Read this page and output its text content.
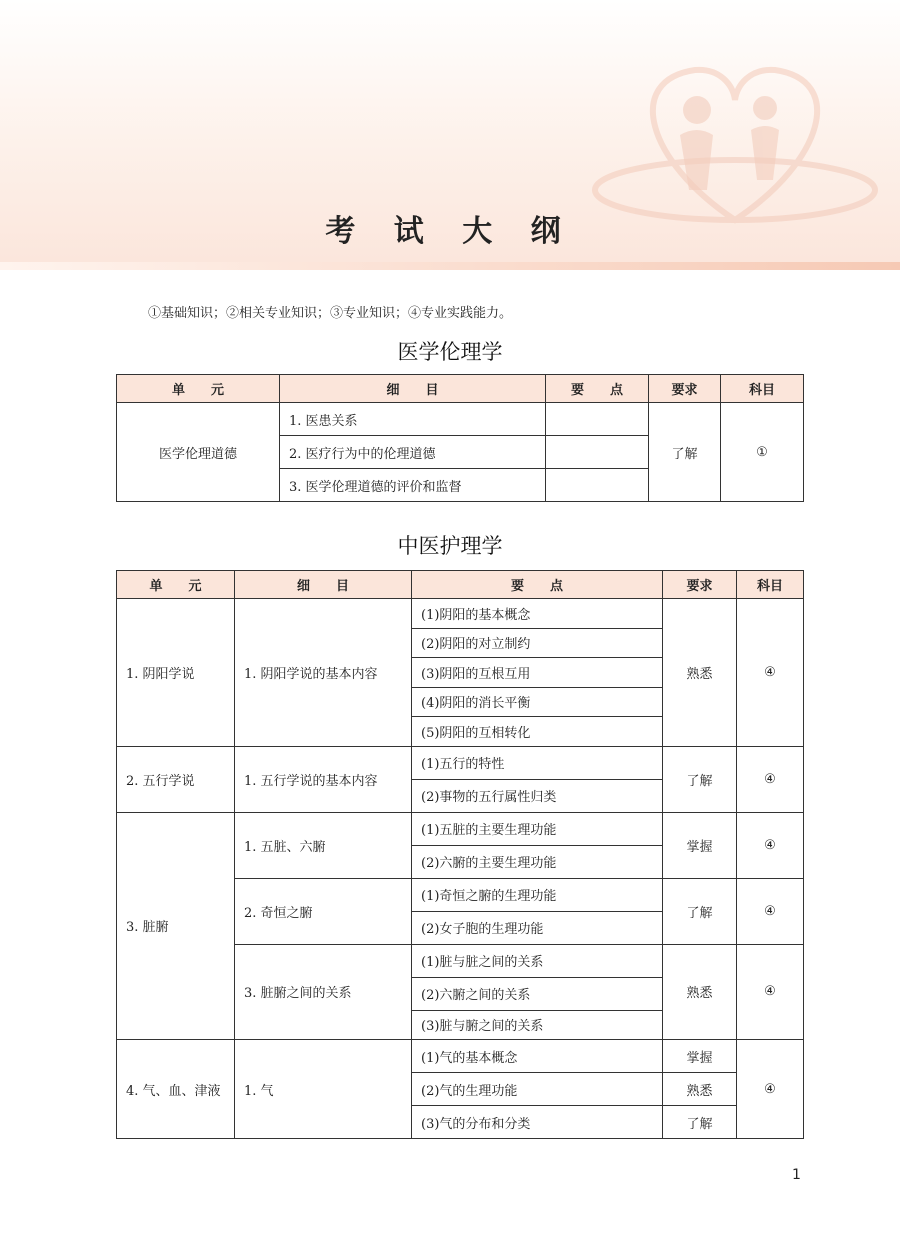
考 试 大 纲
①基础知识；②相关专业知识；③专业知识；④专业实践能力。
医学伦理学
单　　元	细　　目	要　　点	要求	科目
医学伦理道德	1. 医患关系		了解	①
	2. 医疗行为中的伦理道德			
	3. 医学伦理道德的评价和监督			
中医护理学
单　　元	细　　目	要　　点	要求	科目
1. 阴阳学说	1. 阴阳学说的基本内容	(1)阴阳的基本概念	熟悉	④
		(2)阴阳的对立制约		
		(3)阴阳的互根互用		
		(4)阴阳的消长平衡		
		(5)阴阳的互相转化		
2. 五行学说	1. 五行学说的基本内容	(1)五行的特性	了解	④
		(2)事物的五行属性归类		
3. 脏腑	1. 五脏、六腑	(1)五脏的主要生理功能	掌握	④
		(2)六腑的主要生理功能		
	2. 奇恒之腑	(1)奇恒之腑的生理功能	了解	④
		(2)女子胞的生理功能		
	3. 脏腑之间的关系	(1)脏与脏之间的关系	熟悉	④
		(2)六腑之间的关系		
		(3)脏与腑之间的关系		
4. 气、血、津液	1. 气	(1)气的基本概念	掌握	④
		(2)气的生理功能	熟悉	
		(3)气的分布和分类	了解	
1
